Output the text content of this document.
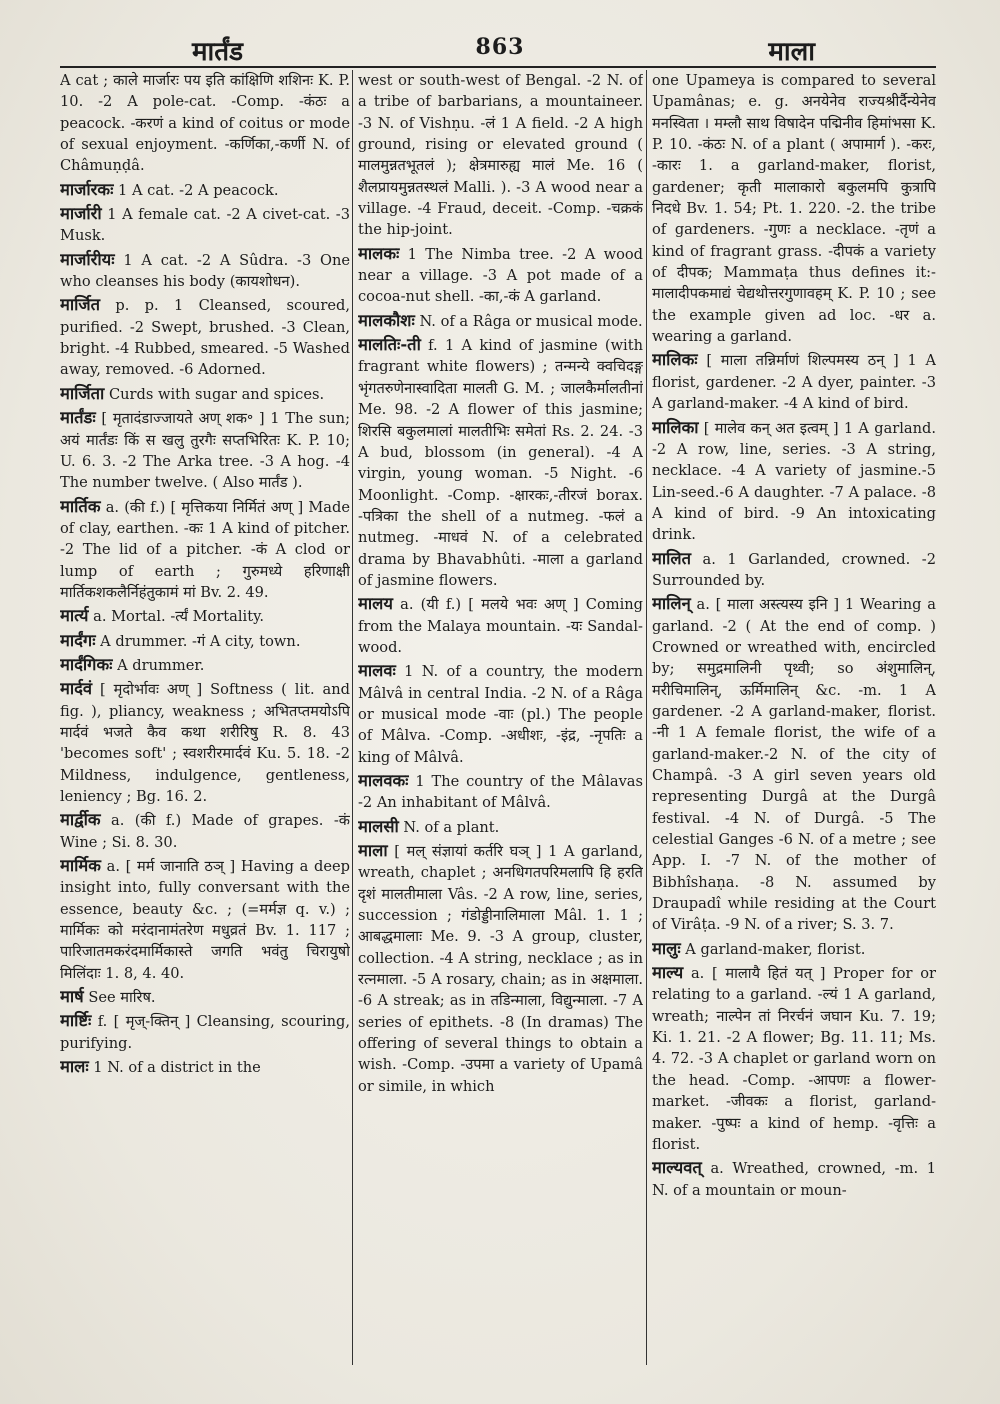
मार्तंड	863	माला

A cat ; काले मार्जारः पय इति कांक्षिणि शशिनः K. P. 10. -2 A pole-cat. -Comp. -कंठः a peacock. -करणं a kind of coitus or mode of sexual enjoyment. -कर्णिका,-कर्णी N. of Châmuṇḍâ.

मार्जारकः 1 A cat. -2 A peacock.

मार्जारी 1 A female cat. -2 A civet-cat. -3 Musk.

मार्जारीयः 1 A cat. -2 A Sûdra. -3 One who cleanses his body (कायशोधन).

मार्जित p. p. 1 Cleansed, scoured, purified. -2 Swept, brushed. -3 Clean, bright. -4 Rubbed, smeared. -5 Washed away, removed. -6 Adorned.

मार्जिता Curds with sugar and spices.

मार्तंडः [ मृतादंडाज्जायते अण् शक॰ ] 1 The sun; अयं मार्तंडः किं स खलु तुरगैः सप्तभिरितः K. P. 10; U. 6. 3. -2 The Arka tree. -3 A hog. -4 The number twelve. ( Also मार्तंड ).

मार्तिक a. (की f.) [ मृत्तिकया निर्मितं अण् ] Made of clay, earthen. -कः 1 A kind of pitcher. -2 The lid of a pitcher. -कं A clod or lump of earth ; गुरुमध्ये हरिणाक्षी मार्तिकशकलैर्निहंतुकामं मां Bv. 2. 49.

मार्त्य a. Mortal. -र्त्यं Mortality.

मार्दंगः A drummer. -गं A city, town.

मार्दंगिकः A drummer.

मार्दवं [ मृदोर्भावः अण् ] Softness ( lit. and fig. ), pliancy, weakness ; अभितप्तमयोऽपि मार्दवं भजते कैव कथा शरीरिषु R. 8. 43 'becomes soft' ; स्वशरीरमार्दवं Ku. 5. 18. -2 Mildness, indulgence, gentleness, leniency ; Bg. 16. 2.

मार्द्वीक a. (की f.) Made of grapes. -कं Wine ; Si. 8. 30.

मार्मिक a. [ मर्म जानाति ठञ् ] Having a deep insight into, fully conversant with the essence, beauty &c. ; (=मर्मज्ञ q. v.) ; मार्मिकः को मरंदानामंतरेण मधुव्रतं Bv. 1. 117 ; पारिजातमकरंदमार्मिकास्ते जगति भवंतु चिरायुषो मिलिंदाः 1. 8, 4. 40.

मार्ष See मारिष.

मार्ष्टिः f. [ मृज्-क्तिन् ] Cleansing, scouring, purifying.

मालः 1 N. of a district in the

west or south-west of Bengal. -2 N. of a tribe of barbarians, a mountaineer. -3 N. of Vishṇu. -लं 1 A field. -2 A high ground, rising or elevated ground ( मालमुन्नतभूतलं ); क्षेत्रमारुह्य मालं Me. 16 ( शैलप्रायमुन्नतस्थलं Malli. ). -3 A wood near a village. -4 Fraud, deceit. -Comp. -चक्रकं the hip-joint.

मालकः 1 The Nimba tree. -2 A wood near a village. -3 A pot made of a cocoa-nut shell. -का,-कं A garland.

मालकौशः N. of a Râga or musical mode.

मालतिः-ती f. 1 A kind of jasmine (with fragrant white flowers) ; तन्मन्ये क्वचिदङ्ग भृंगतरुणेनास्वादिता मालती G. M. ; जालकैर्मालतीनां Me. 98. -2 A flower of this jasmine; शिरसि बकुलमालां मालतीभिः समेतां Rs. 2. 24. -3 A bud, blossom (in general). -4 A virgin, young woman. -5 Night. -6 Moonlight. -Comp. -क्षारकः,-तीरजं borax. -पत्रिका the shell of a nutmeg. -फलं a nutmeg. -माधवं N. of a celebrated drama by Bhavabhûti. -माला a garland of jasmine flowers.

मालय a. (यी f.) [ मलये भवः अण् ] Coming from the Malaya mountain. -यः Sandal-wood.

मालवः 1 N. of a country, the modern Mâlvâ in central India. -2 N. of a Râga or musical mode -वाः (pl.) The people of Mâlva. -Comp. -अधीशः, -इंद्र, -नृपतिः a king of Mâlvâ.

मालवकः 1 The country of the Mâlavas -2 An inhabitant of Mâlvâ.

मालसी N. of a plant.

माला [ मल् संज्ञायां कर्तरि घञ् ] 1 A garland, wreath, chaplet ; अनधिगतपरिमलापि हि हरति दृशं मालतीमाला Vâs. -2 A row, line, series, succession ; गंडोड्डीनालिमाला Mâl. 1. 1 ; आबद्धमालाः Me. 9. -3 A group, cluster, collection. -4 A string, necklace ; as in रत्नमाला. -5 A rosary, chain; as in अक्षमाला. -6 A streak; as in तडिन्माला, विद्युन्माला. -7 A series of epithets. -8 (In dramas) The offering of several things to obtain a wish. -Comp. -उपमा a variety of Upamâ or simile, in which

one Upameya is compared to several Upamânas; e. g. अनयेनेव राज्यश्रीर्दैन्येनेव मनस्विता । मम्लौ साथ विषादेन पद्मिनीव हिमांभसा K. P. 10. -कंठः N. of a plant ( अपामार्ग ). -करः, -कारः 1. a garland-maker, florist, gardener; कृती मालाकारो बकुलमपि कुत्रापि निदधे Bv. 1. 54; Pt. 1. 220. -2. the tribe of gardeners. -गुणः a necklace. -तृणं a kind of fragrant grass. -दीपकं a variety of दीपक; Mammaṭa thus defines it:-मालादीपकमाद्यं चेद्यथोत्तरगुणावहम् K. P. 10 ; see the example given ad loc. -धर a. wearing a garland.

मालिकः [ माला तन्निर्माणं शिल्पमस्य ठन् ] 1 A florist, gardener. -2 A dyer, painter. -3 A garland-maker. -4 A kind of bird.

मालिका [ मालेव कन् अत इत्वम् ] 1 A garland. -2 A row, line, series. -3 A string, necklace. -4 A variety of jasmine.-5 Lin-seed.-6 A daughter. -7 A palace. -8 A kind of bird. -9 An intoxicating drink.

मालित a. 1 Garlanded, crowned. -2 Surrounded by.

मालिन् a. [ माला अस्त्यस्य इनि ] 1 Wearing a garland. -2 ( At the end of comp. ) Crowned or wreathed with, encircled by; समुद्रमालिनी पृथ्वी; so अंशुमालिन्, मरीचिमालिन्, ऊर्मिमालिन् &c. -m. 1 A gardener. -2 A garland-maker, florist. -नी 1 A female florist, the wife of a garland-maker.-2 N. of the city of Champâ. -3 A girl seven years old representing Durgâ at the Durgâ festival. -4 N. of Durgâ. -5 The celestial Ganges -6 N. of a metre ; see App. I. -7 N. of the mother of Bibhîshaṇa. -8 N. assumed by Draupadî while residing at the Court of Virâṭa. -9 N. of a river; S. 3. 7.

मालुः A garland-maker, florist.

माल्य a. [ मालायै हितं यत् ] Proper for or relating to a garland. -ल्यं 1 A garland, wreath; नाल्पेन तां निरर्चनं जघान Ku. 7. 19; Ki. 1. 21. -2 A flower; Bg. 11. 11; Ms. 4. 72. -3 A chaplet or garland worn on the head. -Comp. -आपणः a flower-market. -जीवकः a florist, garland-maker. -पुष्पः a kind of hemp. -वृत्तिः a florist.

माल्यवत् a. Wreathed, crowned, -m. 1 N. of a mountain or moun-
